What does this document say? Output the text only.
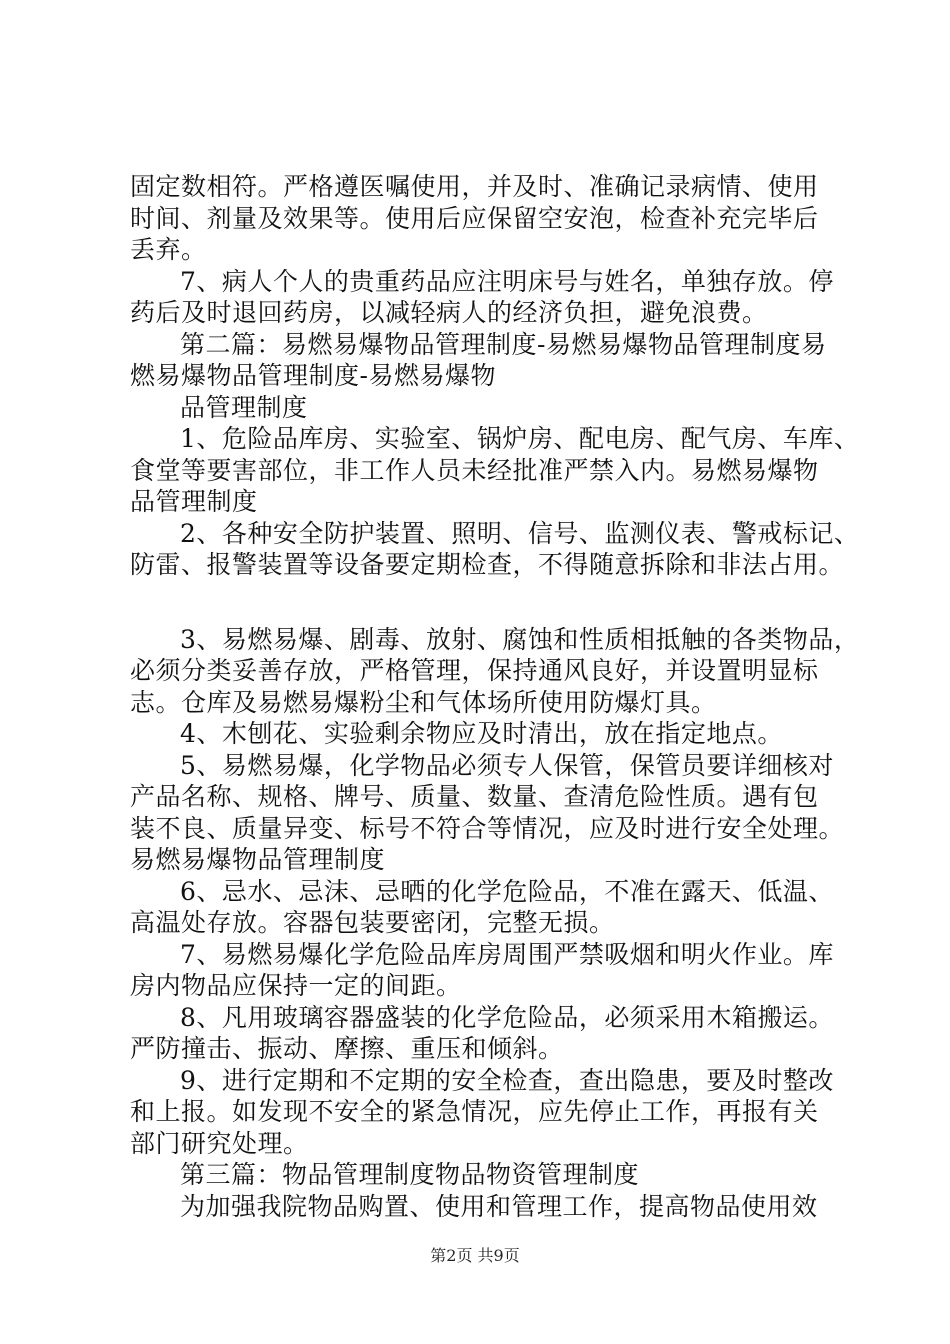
固定数相符。严格遵医嘱使用，并及时、准确记录病情、使用
时间、剂量及效果等。使用后应保留空安泡，检查补充完毕后
丢弃。
7、病人个人的贵重药品应注明床号与姓名，单独存放。停
药后及时退回药房，以减轻病人的经济负担，避免浪费。
第二篇：易燃易爆物品管理制度-易燃易爆物品管理制度易
燃易爆物品管理制度-易燃易爆物
品管理制度
1、危险品库房、实验室、锅炉房、配电房、配气房、车库、
食堂等要害部位，非工作人员未经批准严禁入内。易燃易爆物
品管理制度
2、各种安全防护装置、照明、信号、监测仪表、警戒标记、
防雷、报警装置等设备要定期检查，不得随意拆除和非法占用。
3、易燃易爆、剧毒、放射、腐蚀和性质相抵触的各类物品，
必须分类妥善存放，严格管理，保持通风良好，并设置明显标
志。仓库及易燃易爆粉尘和气体场所使用防爆灯具。
4、木刨花、实验剩余物应及时清出，放在指定地点。
5、易燃易爆，化学物品必须专人保管，保管员要详细核对
产品名称、规格、牌号、质量、数量、查清危险性质。遇有包
装不良、质量异变、标号不符合等情况，应及时进行安全处理。
易燃易爆物品管理制度
6、忌水、忌沫、忌晒的化学危险品，不准在露天、低温、
高温处存放。容器包装要密闭，完整无损。
7、易燃易爆化学危险品库房周围严禁吸烟和明火作业。库
房内物品应保持一定的间距。
8、凡用玻璃容器盛装的化学危险品，必须采用木箱搬运。
严防撞击、振动、摩擦、重压和倾斜。
9、进行定期和不定期的安全检查，查出隐患，要及时整改
和上报。如发现不安全的紧急情况，应先停止工作，再报有关
部门研究处理。
第三篇：物品管理制度物品物资管理制度
为加强我院物品购置、使用和管理工作，提高物品使用效
第2页 共9页
